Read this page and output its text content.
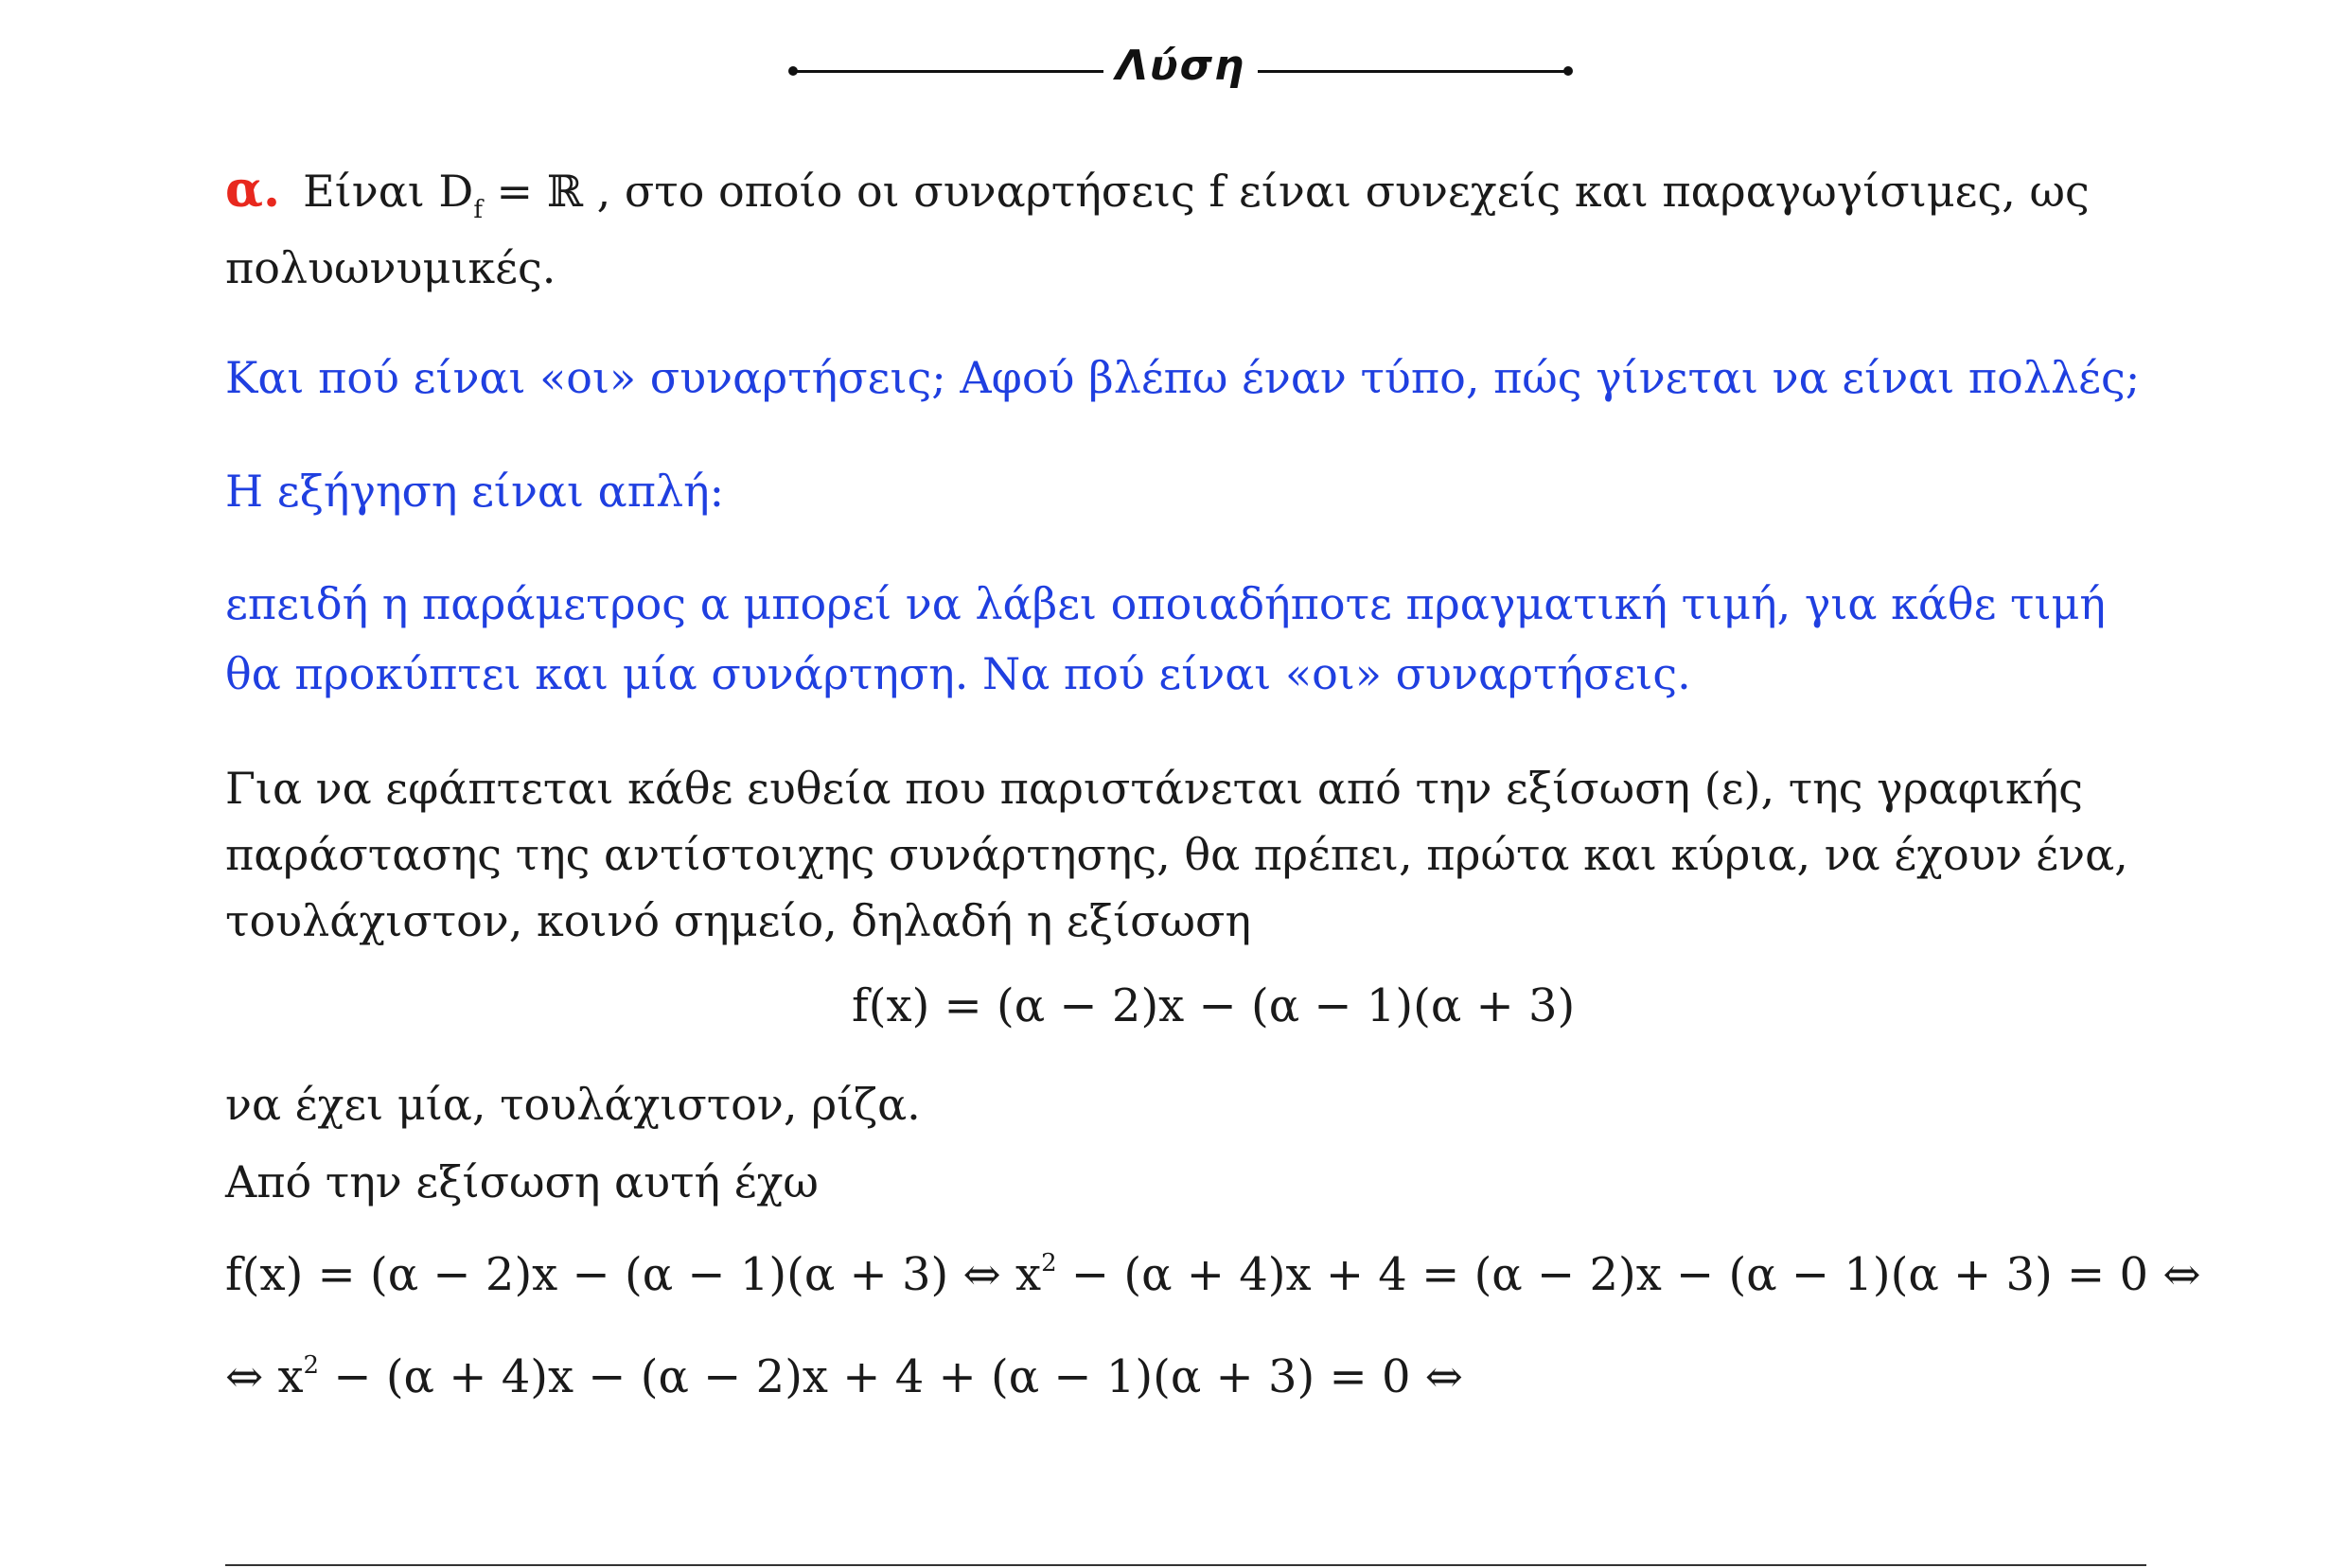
Λύση
α. Είναι $D_f$ = ℝ , στο οποίο οι συναρτήσεις f είναι συνεχείς και παραγωγίσιμες, ως
πολυωνυμικές.
Και πού είναι «οι» συναρτήσεις; Αφού βλέπω έναν τύπο, πώς γίνεται να είναι πολλές;
Η εξήγηση είναι απλή:
επειδή η παράμετρος α μπορεί να λάβει οποιαδήποτε πραγματική τιμή, για κάθε τιμή
θα προκύπτει και μία συνάρτηση. Να πού είναι «οι» συναρτήσεις.
Για να εφάπτεται κάθε ευθεία που παριστάνεται από την εξίσωση (ε), της γραφικής
παράστασης της αντίστοιχης συνάρτησης, θα πρέπει, πρώτα και κύρια, να έχουν ένα,
τουλάχιστον, κοινό σημείο, δηλαδή η εξίσωση
f(x) = (α − 2)x − (α − 1)(α + 3)
να έχει μία, τουλάχιστον, ρίζα.
Από την εξίσωση αυτή έχω
f(x) = (α − 2)x − (α − 1)(α + 3) ⇔ $x^2 - (\alpha + 4)x + 4 = (\alpha - 2)x - (\alpha - 1)(\alpha + 3) = 0$ ⇔
⇔ $x^2 - (\alpha + 4)x - (\alpha - 2)x + 4 + (\alpha - 1)(\alpha + 3) = 0$ ⇔
